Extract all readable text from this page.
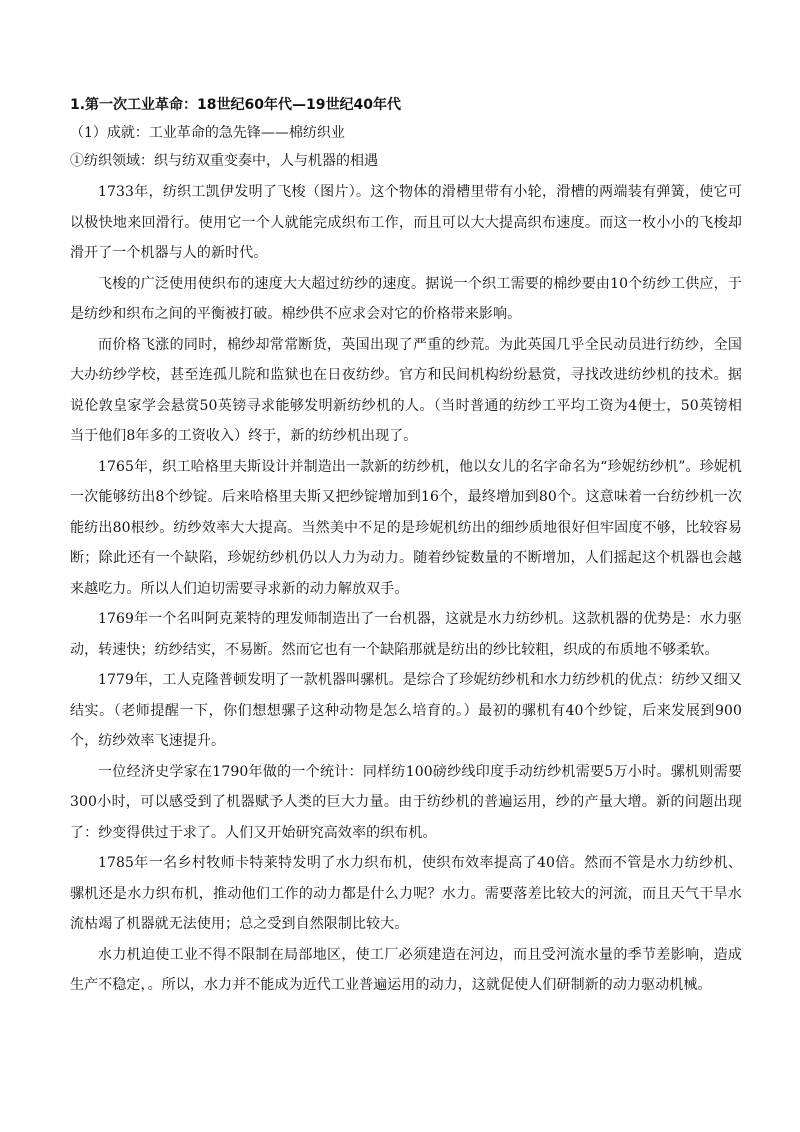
1.第一次工业革命：18世纪60年代—19世纪40年代
（1）成就：工业革命的急先锋——棉纺织业
①纺织领域：织与纺双重变奏中，人与机器的相遇

1733年，纺织工凯伊发明了飞梭（图片）。这个物体的滑槽里带有小轮，滑槽的两端装有弹簧，使它可以极快地来回滑行。使用它一个人就能完成织布工作，而且可以大大提高织布速度。而这一枚小小的飞梭却滑开了一个机器与人的新时代。

飞梭的广泛使用使织布的速度大大超过纺纱的速度。据说一个织工需要的棉纱要由10个纺纱工供应，于是纺纱和织布之间的平衡被打破。棉纱供不应求会对它的价格带来影响。

而价格飞涨的同时，棉纱却常常断货，英国出现了严重的纱荒。为此英国几乎全民动员进行纺纱，全国大办纺纱学校，甚至连孤儿院和监狱也在日夜纺纱。官方和民间机构纷纷悬赏，寻找改进纺纱机的技术。据说伦敦皇家学会悬赏50英镑寻求能够发明新纺纱机的人。（当时普通的纺纱工平均工资为4便士，50英镑相当于他们8年多的工资收入）终于，新的纺纱机出现了。

1765年，织工哈格里夫斯设计并制造出一款新的纺纱机，他以女儿的名字命名为“珍妮纺纱机”。珍妮机一次能够纺出8个纱锭。后来哈格里夫斯又把纱锭增加到16个，最终增加到80个。这意味着一台纺纱机一次能纺出80根纱。纺纱效率大大提高。当然美中不足的是珍妮机纺出的细纱质地很好但牢固度不够，比较容易断；除此还有一个缺陷，珍妮纺纱机仍以人力为动力。随着纱锭数量的不断增加，人们摇起这个机器也会越来越吃力。所以人们迫切需要寻求新的动力解放双手。

1769年一个名叫阿克莱特的理发师制造出了一台机器，这就是水力纺纱机。这款机器的优势是：水力驱动，转速快；纺纱结实，不易断。然而它也有一个缺陷那就是纺出的纱比较粗，织成的布质地不够柔软。

1779年，工人克隆普顿发明了一款机器叫骡机。是综合了珍妮纺纱机和水力纺纱机的优点：纺纱又细又结实。（老师提醒一下，你们想想骡子这种动物是怎么培育的。）最初的骡机有40个纱锭，后来发展到900个，纺纱效率飞速提升。

一位经济史学家在1790年做的一个统计：同样纺100磅纱线印度手动纺纱机需要5万小时。骡机则需要300小时，可以感受到了机器赋予人类的巨大力量。由于纺纱机的普遍运用，纱的产量大增。新的问题出现了：纱变得供过于求了。人们又开始研究高效率的织布机。

1785年一名乡村牧师卡特莱特发明了水力织布机，使织布效率提高了40倍。然而不管是水力纺纱机、骡机还是水力织布机，推动他们工作的动力都是什么力呢？水力。需要落差比较大的河流，而且天气干旱水流枯竭了机器就无法使用；总之受到自然限制比较大。

水力机迫使工业不得不限制在局部地区，使工厂必须建造在河边，而且受河流水量的季节差影响，造成生产不稳定，。所以，水力并不能成为近代工业普遍运用的动力，这就促使人们研制新的动力驱动机械。
